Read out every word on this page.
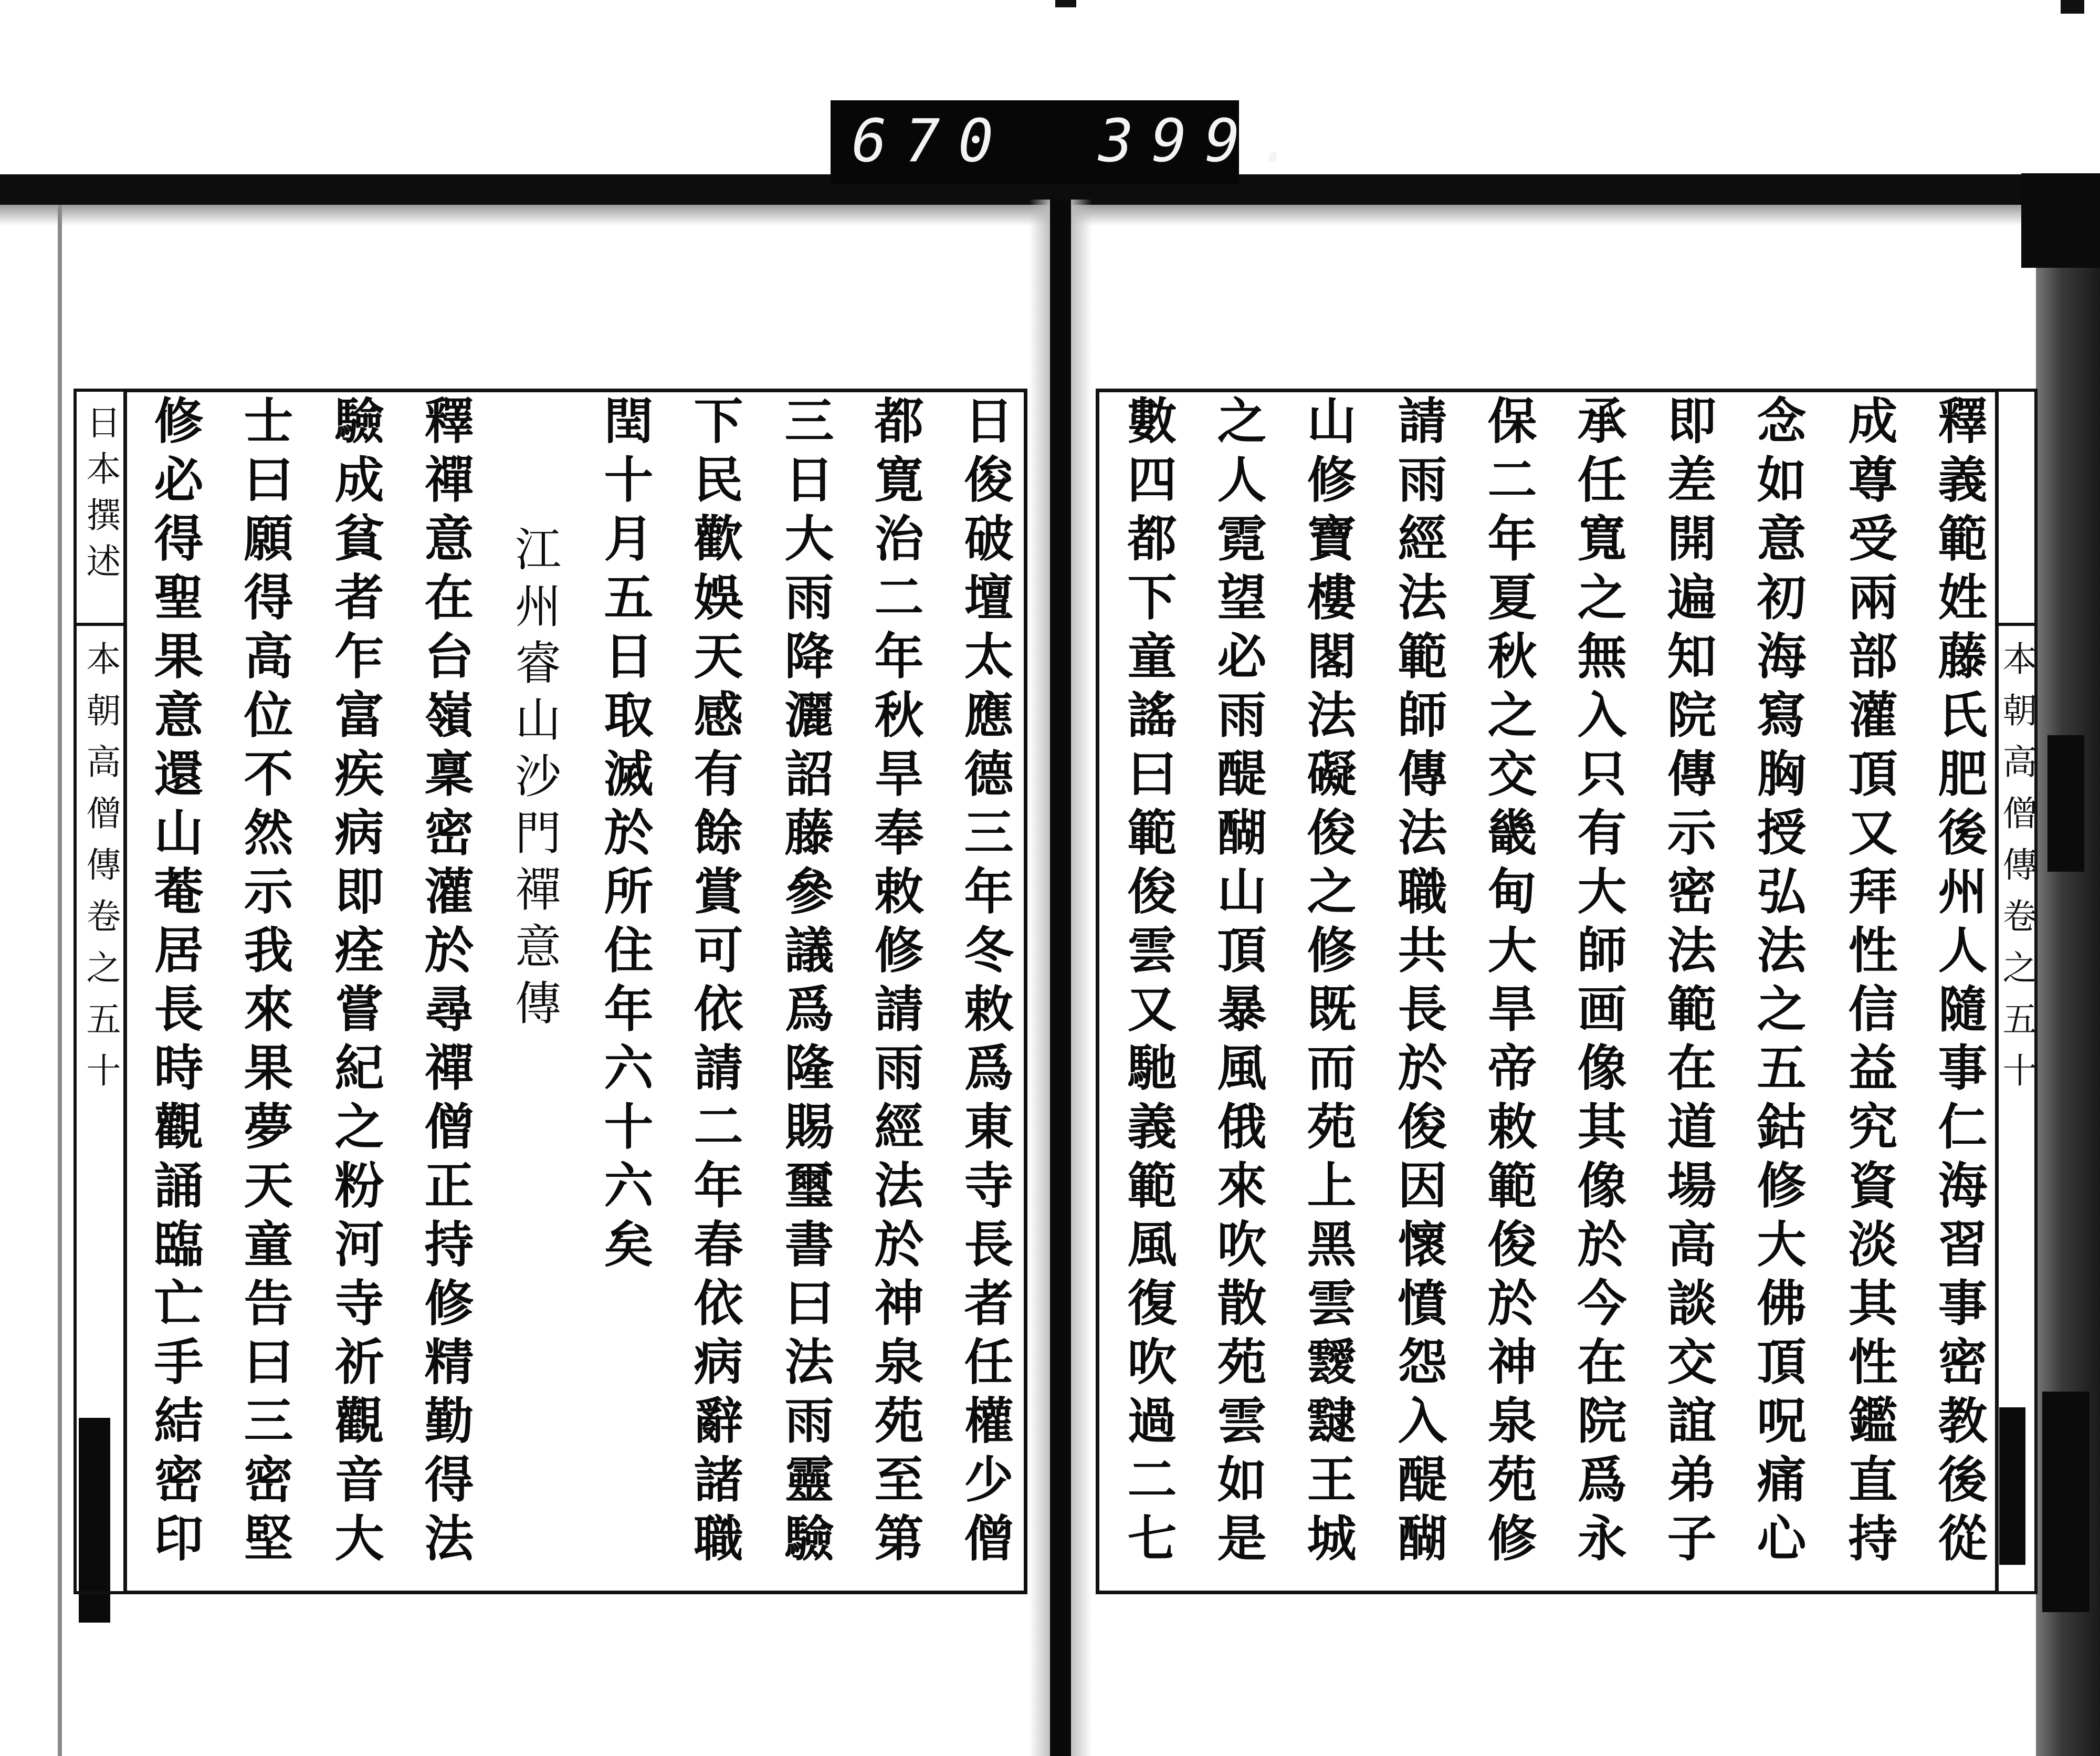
670 399.
日本撰述
本朝高僧傳卷之五十	本朝高僧傳卷之五十
釋義範姓藤氏肥後州人隨事仁海習事密教後從
成尊受兩部灌頂又拜性信益究資淡其性鑑直持
念如意初海寫胸授弘法之五鈷修大佛頂呪痛心
即差開遍知院傳示密法範在道場高談交誼弟子
承任寬之無入只有大師画像其像於今在院爲永
保二年夏秋之交畿甸大旱帝敕範俊於神泉苑修
請雨經法範師傳法職共長於俊因懷憤怨入醍醐
山修寶樓閣法礙俊之修既而苑上黑雲靉靆王城
之人霓望必雨醍醐山頂暴風俄來吹散苑雲如是
數四都下童謠曰範俊雲又馳義範風復吹過二七
日俊破壇太應德三年冬敕爲東寺長者任權少僧
都寛治二年秋旱奉敕修請雨經法於神泉苑至第
三日大雨降灑詔藤參議爲隆賜璽書曰法雨靈驗
下民歡娛天感有餘賞可依請二年春依病辭諸職
閏十月五日取滅於所住年六十六矣
江州睿山沙門禪意傳
釋禪意在台嶺稟密灌於尋禪僧正持修精勤得法
驗成貧者乍富疾病即痊嘗紀之粉河寺祈觀音大
士曰願得高位不然示我來果夢天童告曰三密堅
修必得聖果意還山菴居長時觀誦臨亡手結密印
